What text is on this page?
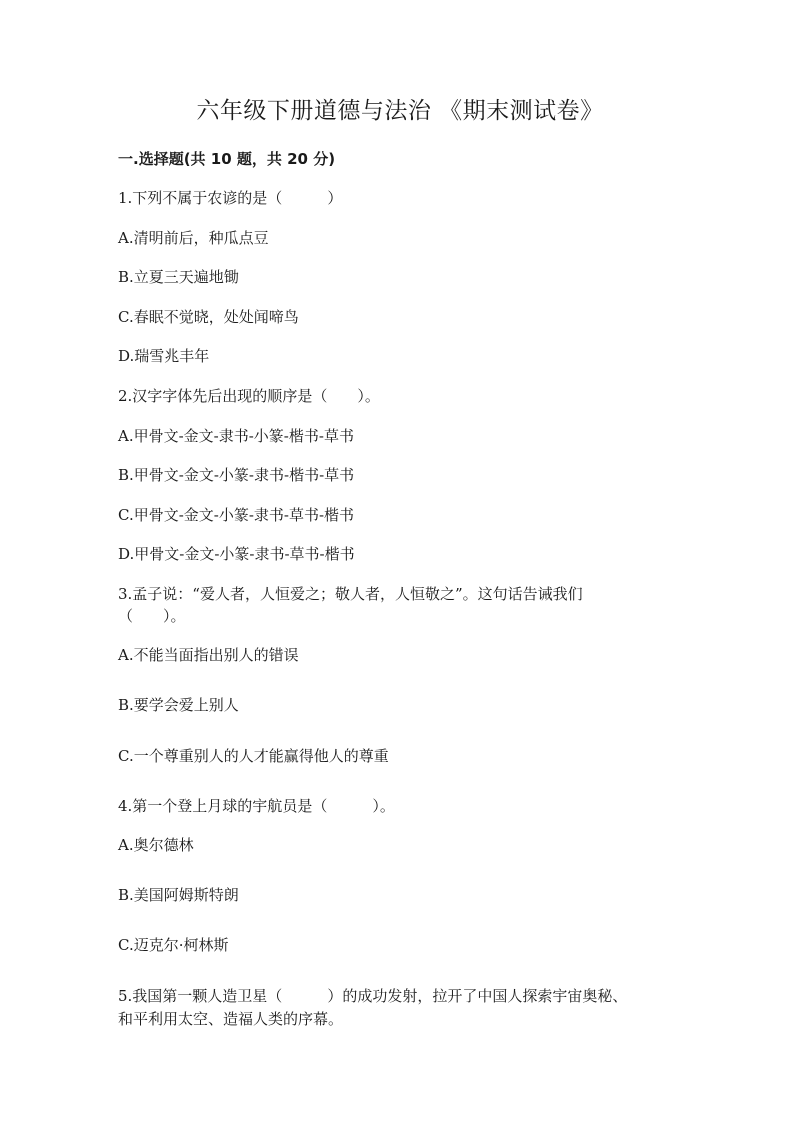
六年级下册道德与法治 《期末测试卷》
一.选择题(共 10 题，共 20 分)
1.下列不属于农谚的是（　　　）
A.清明前后，种瓜点豆
B.立夏三天遍地锄
C.春眠不觉晓，处处闻啼鸟
D.瑞雪兆丰年
2.汉字字体先后出现的顺序是（　　）。
A.甲骨文-金文-隶书-小篆-楷书-草书
B.甲骨文-金文-小篆-隶书-楷书-草书
C.甲骨文-金文-小篆-隶书-草书-楷书
D.甲骨文-金文-小篆-隶书-草书-楷书
3.孟子说：“爱人者，人恒爱之；敬人者，人恒敬之”。这句话告诫我们
（　　）。
A.不能当面指出别人的错误
B.要学会爱上别人
C.一个尊重别人的人才能赢得他人的尊重
4.第一个登上月球的宇航员是（　　　）。
A.奥尔德林
B.美国阿姆斯特朗
C.迈克尔·柯林斯
5.我国第一颗人造卫星（　　　）的成功发射，拉开了中国人探索宇宙奥秘、
和平利用太空、造福人类的序幕。
